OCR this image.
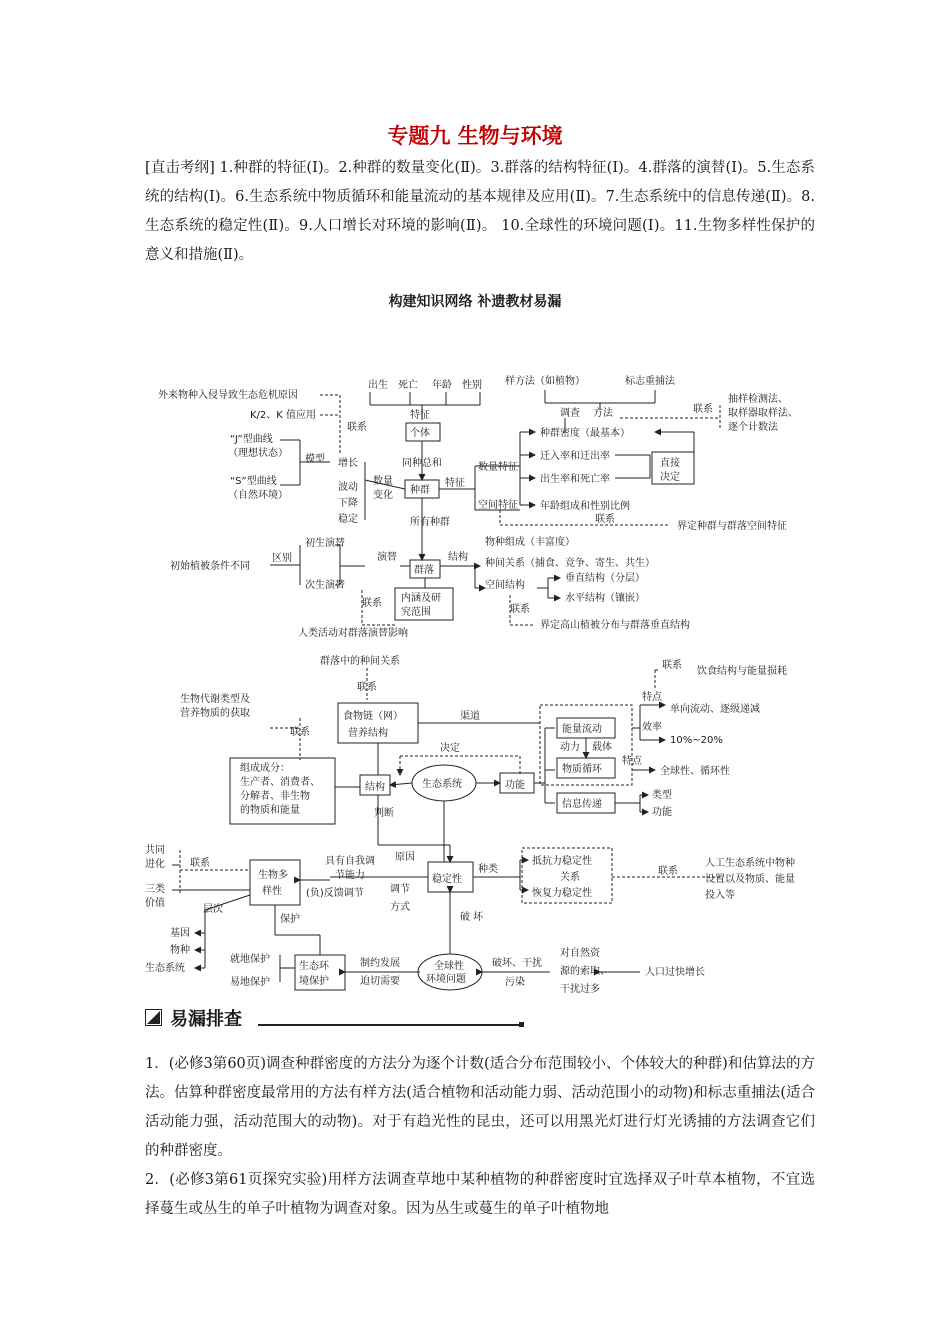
专题九 生物与环境
[直击考纲] 1.种群的特征(Ⅰ)。2.种群的数量变化(Ⅱ)。3.群落的结构特征(Ⅰ)。4.群落的演替(Ⅰ)。5.生态系统的结构(Ⅰ)。6.生态系统中物质循环和能量流动的基本规律及应用(Ⅱ)。7.生态系统中的信息传递(Ⅱ)。8.生态系统的稳定性(Ⅱ)。9.人口增长对环境的影响(Ⅱ)。 10.全球性的环境问题(Ⅰ)。11.生物多样性保护的意义和措施(Ⅱ)。
构建知识网络 补遗教材易漏
出生 死亡 年龄 性别
特征
个体
同种总和
种群
特征
外来物种入侵导致生态危机原因
K/2、K 值应用
联系
“J”型曲线
（理想状态）
模型
“S”型曲线
（自然环境）
增长
波动
下降
稳定
数量
变化
所有 种群
样方法（如植物）	标志重捕法
调查 方法	联系
抽样检测法、
取样器取样法、
逐个计数法
数量特征
种群密度（最基本）
迁入率和迁出率
出生率和死亡率
年龄组成和性别比例
直接
决定
空间特征
联系
界定种群与群落空间特征
初生演替
次生演替
区别
初始植被条件不同
演替
群落
结构
内涵及研
究范围
联系
人类活动对群落演替影响
物种组成（丰富度）
种间关系（捕食、竞争、寄生、共生）
空间结构
垂直结构（分层）
水平结构（镶嵌）
联系
界定高山植被分布与群落垂直结构
群落中的种间关系
联系
生物代谢类型及
营养物质的获取
联系
食物链（网）
营养结构
渠道
决定
组成成分：
生产者、消费者、
分解者、非生物
的物质和能量
结构	生态系统	功能
判断
能量流动
动力 载体
物质循环
信息传递
类型
功能
联系
饮食结构与能量损耗
特点
单向流动、逐级递减
效率
10%~20%
特点
全球性、循环性
共同
进化	联系
三类
价值
生物多
样性
具有自我调
节能力
(负)反馈调节
原因
调节
方式
稳定性
种类
抵抗力稳定性
关系
恢复力稳定性
联系
人工生态系统中物种
设置以及物质、能量
投入等
层次
保护
基因
物种
生态系统
就地保护
易地保护
生态环
境保护
制约发展
迫切需要
全球性
环境问题
破 坏
破坏、干扰
污染
对自然资
源的索取、
干扰过多
人口过快增长
易漏排查

1．(必修3第60页)调查种群密度的方法分为逐个计数(适合分布范围较小、个体较大的种群)和估算法的方法。估算种群密度最常用的方法有样方法(适合植物和活动能力弱、活动范围小的动物)和标志重捕法(适合活动能力强，活动范围大的动物)。对于有趋光性的昆虫，还可以用黑光灯进行灯光诱捕的方法调查它们的种群密度。

2．(必修3第61页探究实验)用样方法调查草地中某种植物的种群密度时宜选择双子叶草本植物，不宜选择蔓生或丛生的单子叶植物为调查对象。因为丛生或蔓生的单子叶植物地
